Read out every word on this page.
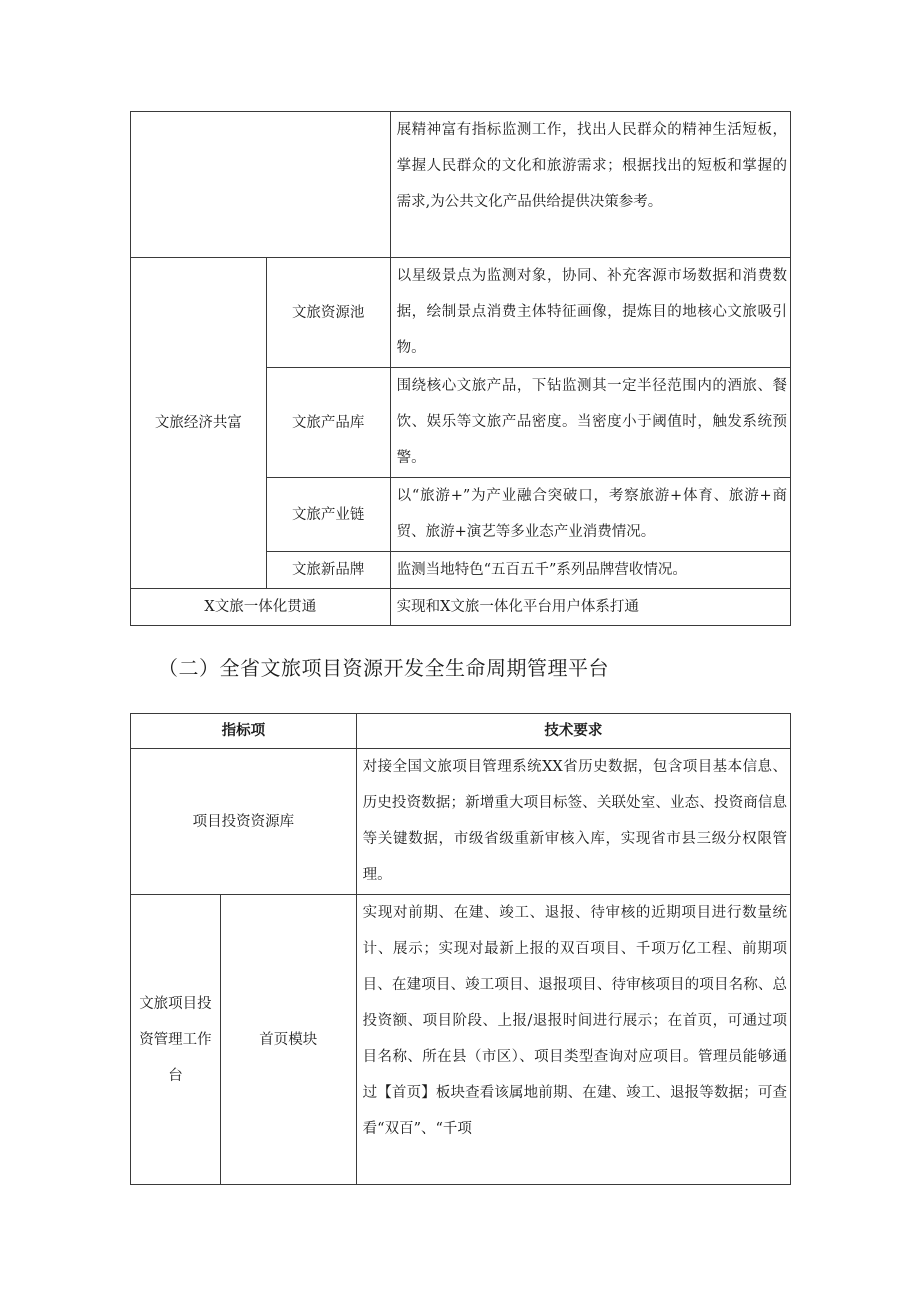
		展精神富有指标监测工作，找出人民群众的精神生活短板，掌握人民群众的文化和旅游需求；根据找出的短板和掌握的需求,为公共文化产品供给提供决策参考。
文旅经济共富	文旅资源池	以星级景点为监测对象，协同、补充客源市场数据和消费数据，绘制景点消费主体特征画像，提炼目的地核心文旅吸引物。
	文旅产品库	围绕核心文旅产品，下钻监测其一定半径范围内的酒旅、餐饮、娱乐等文旅产品密度。当密度小于阈值时，触发系统预警。
	文旅产业链	以“旅游+”为产业融合突破口，考察旅游+体育、旅游+商贸、旅游+演艺等多业态产业消费情况。
	文旅新品牌	监测当地特色“五百五千”系列品牌营收情况。
X文旅一体化贯通		实现和X文旅一体化平台用户体系打通
（二）全省文旅项目资源开发全生命周期管理平台
指标项		技术要求
项目投资资源库		对接全国文旅项目管理系统XX省历史数据，包含项目基本信息、历史投资数据；新增重大项目标签、关联处室、业态、投资商信息等关键数据，市级省级重新审核入库，实现省市县三级分权限管理。
文旅项目投资管理工作台	首页模块	实现对前期、在建、竣工、退报、待审核的近期项目进行数量统计、展示；实现对最新上报的双百项目、千项万亿工程、前期项目、在建项目、竣工项目、退报项目、待审核项目的项目名称、总投资额、项目阶段、上报/退报时间进行展示；在首页，可通过项目名称、所在县（市区）、项目类型查询对应项目。管理员能够通过【首页】板块查看该属地前期、在建、竣工、退报等数据；可查看“双百”、“千项
